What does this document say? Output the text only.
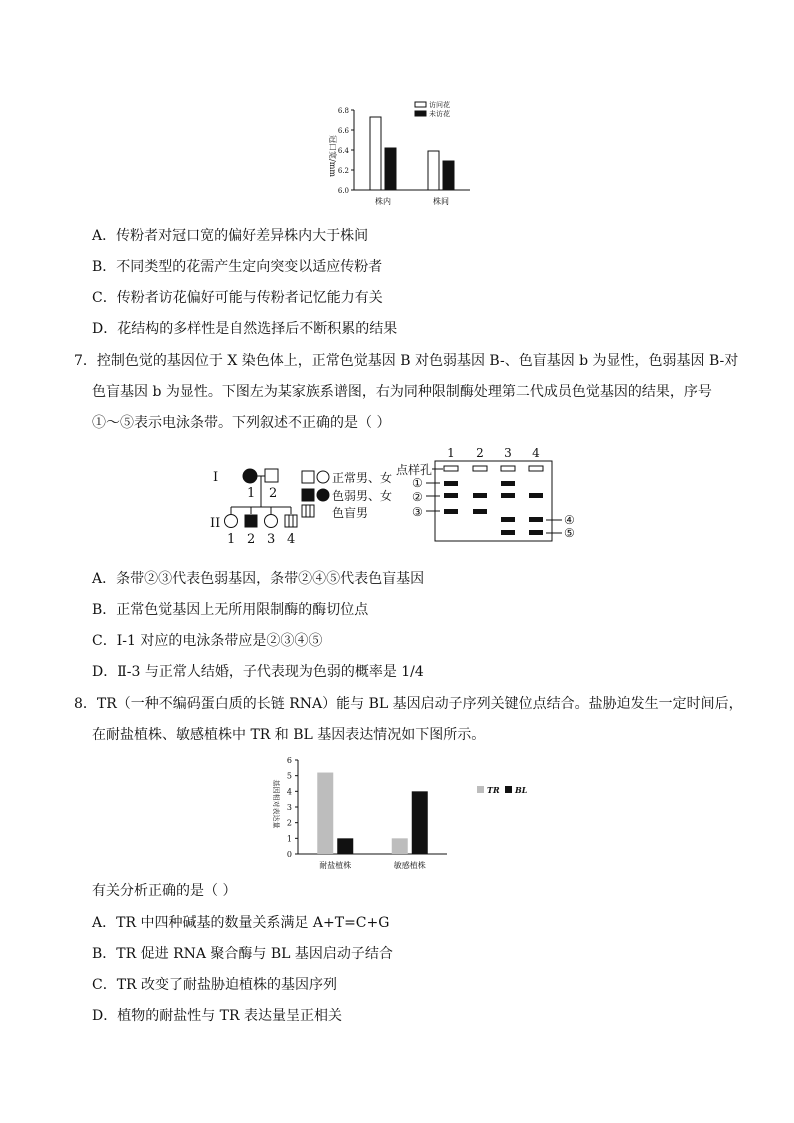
冠口宽/mm
6.0
6.2
6.4
6.6
6.8
株内	株间
访问花
未访花
A．传粉者对冠口宽的偏好差异株内大于株间
B．不同类型的花需产生定向突变以适应传粉者
C．传粉者访花偏好可能与传粉者记忆能力有关
D．花结构的多样性是自然选择后不断积累的结果
7．控制色觉的基因位于 X 染色体上，正常色觉基因 B 对色弱基因 B-、色盲基因 b 为显性，色弱基因 B-对
色盲基因 b 为显性。下图左为某家族系谱图，右为同种限制酶处理第二代成员色觉基因的结果，序号
①～⑤表示电泳条带。下列叙述不正确的是（ ）
I
1 2
II
1 2 3 4
正常男、女
色弱男、女
色盲男
1 2 3 4
点样孔
①
②
③
④
⑤
A．条带②③代表色弱基因，条带②④⑤代表色盲基因
B．正常色觉基因上无所用限制酶的酶切位点
C．Ⅰ-1 对应的电泳条带应是②③④⑤
D．Ⅱ-3 与正常人结婚，子代表现为色弱的概率是 1/4
8．TR（一种不编码蛋白质的长链 RNA）能与 BL 基因启动子序列关键位点结合。盐胁迫发生一定时间后，
在耐盐植株、敏感植株中 TR 和 BL 基因表达情况如下图所示。
基因相对表达量
0
1
2
3
4
5
6
耐盐植株	敏感植株
TR BL
有关分析正确的是（ ）
A．TR 中四种碱基的数量关系满足 A+T=C+G
B．TR 促进 RNA 聚合酶与 BL 基因启动子结合
C．TR 改变了耐盐胁迫植株的基因序列
D．植物的耐盐性与 TR 表达量呈正相关
